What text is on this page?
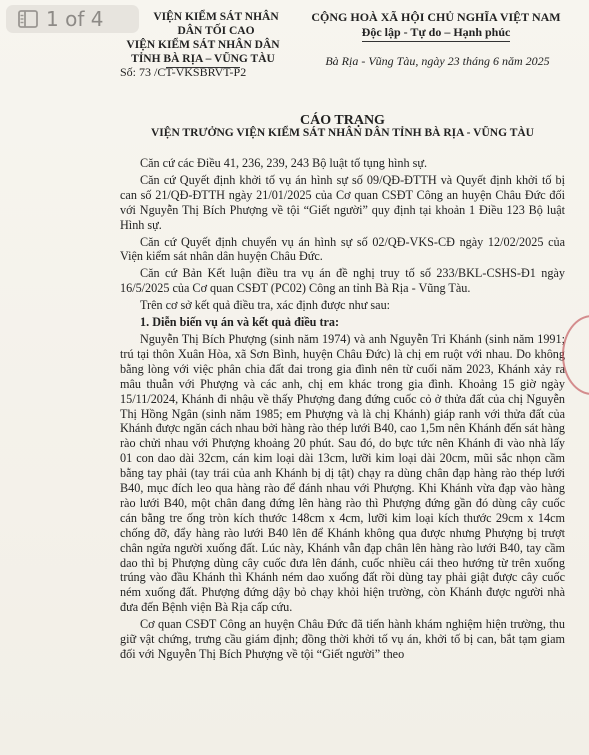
1 of 4	VIỆN KIỂM SÁT NHÂN DÂN TỐI CAO
VIỆN KIỂM SÁT NHÂN DÂN
TỈNH BÀ RỊA – VŨNG TÀU
CỘNG HOÀ XÃ HỘI CHỦ NGHĨA VIỆT NAM
Độc lập - Tự do – Hạnh phúc
Số: 73 /CT-VKSBRVT-P2
Bà Rịa - Vũng Tàu, ngày 23 tháng 6 năm 2025
CÁO TRẠNG
VIỆN TRƯỞNG VIỆN KIỂM SÁT NHÂN DÂN TỈNH BÀ RỊA - VŨNG TÀU

Căn cứ các Điều 41, 236, 239, 243 Bộ luật tố tụng hình sự.

Căn cứ Quyết định khởi tố vụ án hình sự số 09/QĐ-ĐTTH và Quyết định khởi tố bị can số 21/QĐ-ĐTTH ngày 21/01/2025 của Cơ quan CSĐT Công an huyện Châu Đức đối với Nguyễn Thị Bích Phượng về tội “Giết người” quy định tại khoản 1 Điều 123 Bộ luật Hình sự.

Căn cứ Quyết định chuyển vụ án hình sự số 02/QĐ-VKS-CĐ ngày 12/02/2025 của Viện kiểm sát nhân dân huyện Châu Đức.

Căn cứ Bản Kết luận điều tra vụ án đề nghị truy tố số 233/BKL-CSHS-Đ1 ngày 16/5/2025 của Cơ quan CSĐT (PC02) Công an tỉnh Bà Rịa - Vũng Tàu.

Trên cơ sở kết quả điều tra, xác định được như sau:

1. Diễn biến vụ án và kết quả điều tra:

Nguyễn Thị Bích Phượng (sinh năm 1974) và anh Nguyễn Tri Khánh (sinh năm 1991; trú tại thôn Xuân Hòa, xã Sơn Bình, huyện Châu Đức) là chị em ruột với nhau. Do không bằng lòng với việc phân chia đất đai trong gia đình nên từ cuối năm 2023, Khánh xảy ra mâu thuẫn với Phượng và các anh, chị em khác trong gia đình. Khoảng 15 giờ ngày 15/11/2024, Khánh đi nhậu về thấy Phượng đang đứng cuốc cỏ ở thửa đất của chị Nguyễn Thị Hồng Ngân (sinh năm 1985; em Phượng và là chị Khánh) giáp ranh với thửa đất của Khánh được ngăn cách nhau bởi hàng rào thép lưới B40, cao 1,5m nên Khánh đến sát hàng rào chửi nhau với Phượng khoảng 20 phút. Sau đó, do bực tức nên Khánh đi vào nhà lấy 01 con dao dài 32cm, cán kim loại dài 13cm, lưỡi kim loại dài 20cm, mũi sắc nhọn cầm bằng tay phải (tay trái của anh Khánh bị dị tật) chạy ra dùng chân đạp hàng rào thép lưới B40, mục đích leo qua hàng rào để đánh nhau với Phượng. Khi Khánh vừa đạp vào hàng rào lưới B40, một chân đang đứng lên hàng rào thì Phượng đứng gần đó dùng cây cuốc cán bằng tre ống tròn kích thước 148cm x 4cm, lưỡi kim loại kích thước 29cm x 14cm chống đỡ, đẩy hàng rào lưới B40 lên để Khánh không qua được nhưng Phượng bị trượt chân ngửa người xuống đất. Lúc này, Khánh vẫn đạp chân lên hàng rào lưới B40, tay cầm dao thì bị Phượng dùng cây cuốc đưa lên đánh, cuốc nhiều cái theo hướng từ trên xuống trúng vào đầu Khánh thì Khánh ném dao xuống đất rồi dùng tay phải giật được cây cuốc ném xuống đất. Phượng đứng dậy bỏ chạy khỏi hiện trường, còn Khánh được người nhà đưa đến Bệnh viện Bà Rịa cấp cứu.

Cơ quan CSĐT Công an huyện Châu Đức đã tiến hành khám nghiệm hiện trường, thu giữ vật chứng, trưng cầu giám định; đồng thời khởi tố vụ án, khởi tố bị can, bắt tạm giam đối với Nguyễn Thị Bích Phượng về tội “Giết người” theo
